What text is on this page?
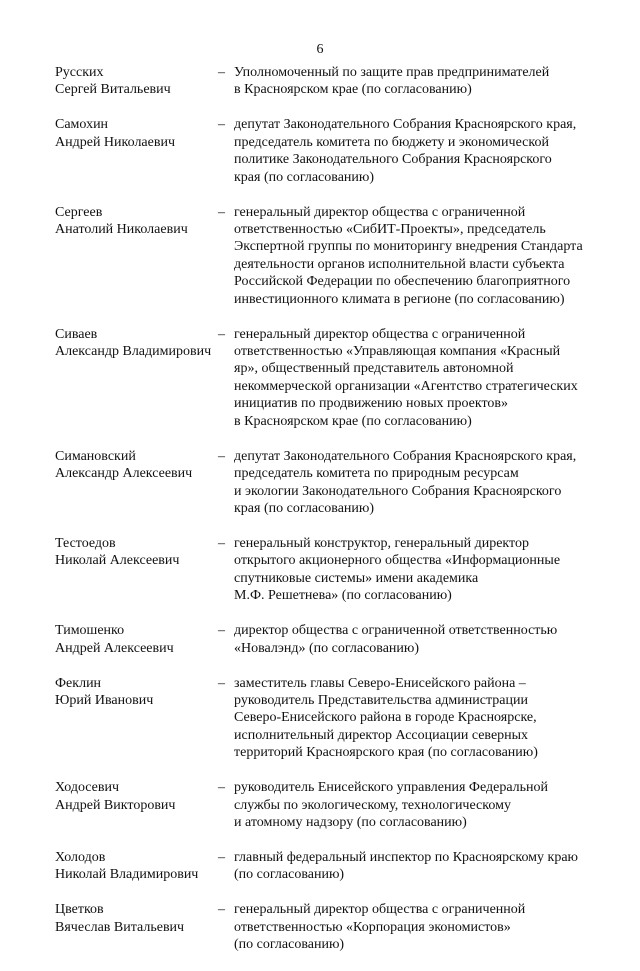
6
Русских
Сергей Витальевич
– Уполномоченный по защите прав предпринимателей
в Красноярском крае (по согласованию)
Самохин
Андрей Николаевич
– депутат Законодательного Собрания Красноярского края,
председатель комитета по бюджету и экономической
политике Законодательного Собрания Красноярского
края (по согласованию)
Сергеев
Анатолий Николаевич
– генеральный директор общества с ограниченной
ответственностью «СибИТ-Проекты», председатель
Экспертной группы по мониторингу внедрения Стандарта
деятельности органов исполнительной власти субъекта
Российской Федерации по обеспечению благоприятного
инвестиционного климата в регионе (по согласованию)
Сиваев
Александр Владимирович
– генеральный директор общества с ограниченной
ответственностью «Управляющая компания «Красный
яр», общественный представитель автономной
некоммерческой организации «Агентство стратегических
инициатив по продвижению новых проектов»
в Красноярском крае (по согласованию)
Симановский
Александр Алексеевич
– депутат Законодательного Собрания Красноярского края,
председатель комитета по природным ресурсам
и экологии Законодательного Собрания Красноярского
края (по согласованию)
Тестоедов
Николай Алексеевич
– генеральный конструктор, генеральный директор
открытого акционерного общества «Информационные
спутниковые системы» имени академика
М.Ф. Решетнева» (по согласованию)
Тимошенко
Андрей Алексеевич
– директор общества с ограниченной ответственностью
«Новалэнд» (по согласованию)
Феклин
Юрий Иванович
– заместитель главы Северо-Енисейского района –
руководитель Представительства администрации
Северо-Енисейского района в городе Красноярске,
исполнительный директор Ассоциации северных
территорий Красноярского края (по согласованию)
Ходосевич
Андрей Викторович
– руководитель Енисейского управления Федеральной
службы по экологическому, технологическому
и атомному надзору (по согласованию)
Холодов
Николай Владимирович
– главный федеральный инспектор по Красноярскому краю
(по согласованию)
Цветков
Вячеслав Витальевич
– генеральный директор общества с ограниченной
ответственностью «Корпорация экономистов»
(по согласованию)
